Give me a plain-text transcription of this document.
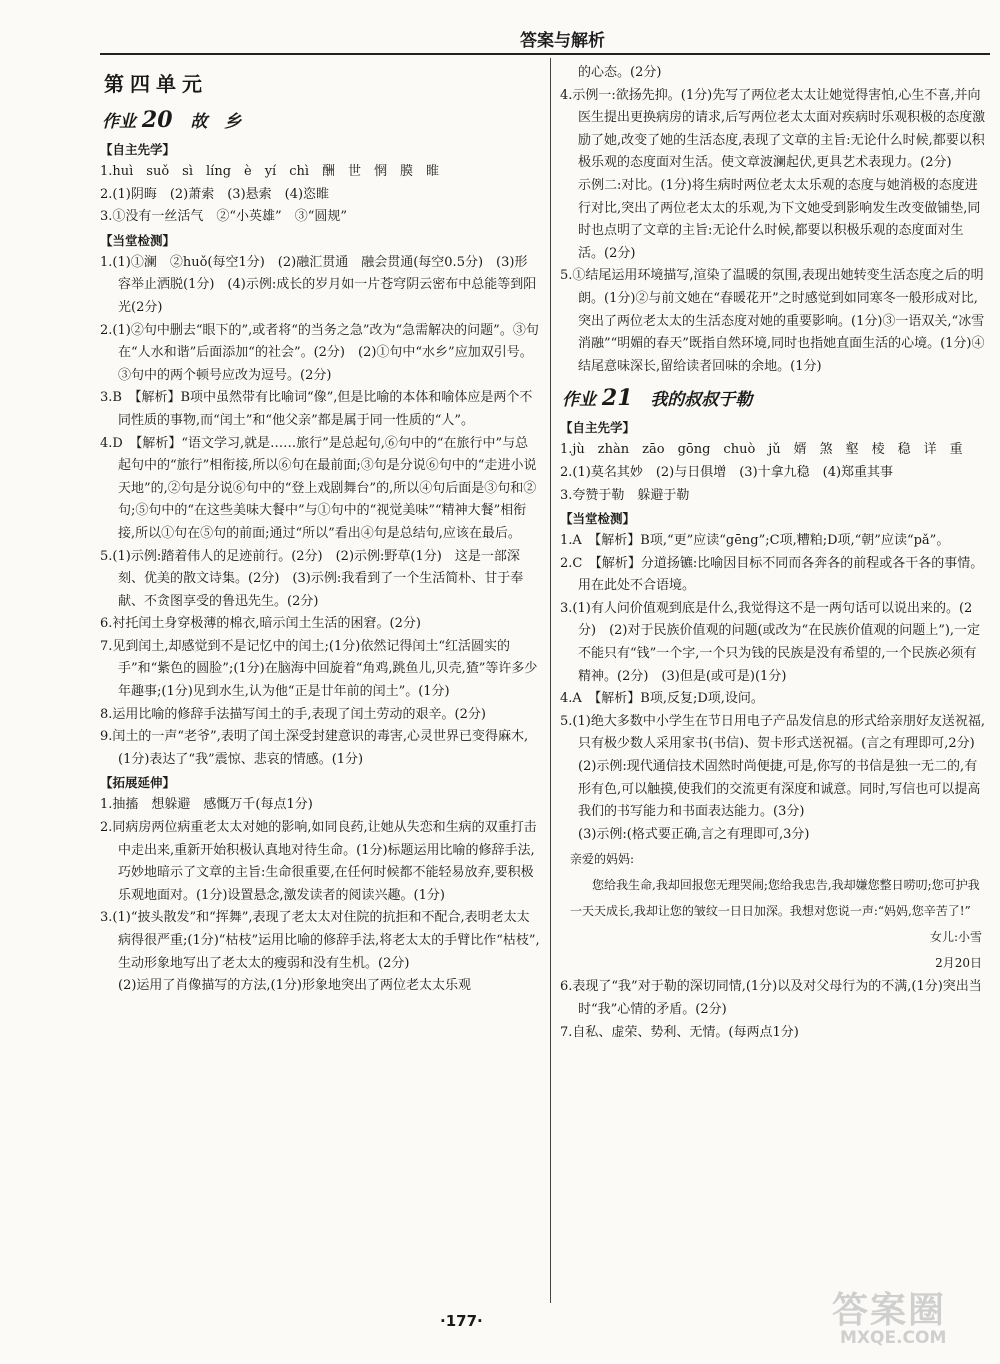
答案与解析
第四单元
作业 20 故　乡
【自主先学】

1.huì　suǒ　sì　líng　è　yí　chì　酬　世　惘　膜　睢

2.(1)阴晦　(2)萧索　(3)悬索　(4)恣睢

3.①没有一丝活气　②“小英雄”　③“圆规”

【当堂检测】

1.(1)①澜　②huǒ(每空1分)　(2)融汇贯通　融会贯通(每空0.5分)　(3)形容举止洒脱(1分)　(4)示例:成长的岁月如一片苍穹阴云密布中总能等到阳光(2分)

2.(1)②句中删去“眼下的”,或者将“的当务之急”改为“急需解决的问题”。③句在“人水和谐”后面添加“的社会”。(2分)　(2)①句中“水乡”应加双引号。③句中的两个顿号应改为逗号。(2分)

3.B　【解析】B项中虽然带有比喻词“像”,但是比喻的本体和喻体应是两个不同性质的事物,而“闰土”和“他父亲”都是属于同一性质的“人”。

4.D　【解析】“语文学习,就是……旅行”是总起句,⑥句中的“在旅行中”与总起句中的“旅行”相衔接,所以⑥句在最前面;③句是分说⑥句中的“走进小说天地”的,②句是分说⑥句中的“登上戏剧舞台”的,所以④句后面是③句和②句;⑤句中的“在这些美味大餐中”与①句中的“视觉美味”“精神大餐”相衔接,所以①句在⑤句的前面;通过“所以”看出④句是总结句,应该在最后。

5.(1)示例:踏着伟人的足迹前行。(2分)　(2)示例:野草(1分)　这是一部深刻、优美的散文诗集。(2分)　(3)示例:我看到了一个生活简朴、甘于奉献、不贪图享受的鲁迅先生。(2分)

6.衬托闰土身穿极薄的棉衣,暗示闰土生活的困窘。(2分)

7.见到闰土,却感觉到不是记忆中的闰土;(1分)依然记得闰土“红活圆实的手”和“紫色的圆脸”;(1分)在脑海中回旋着“角鸡,跳鱼儿,贝壳,猹”等许多少年趣事;(1分)见到水生,认为他“正是廿年前的闰土”。(1分)

8.运用比喻的修辞手法描写闰土的手,表现了闰土劳动的艰辛。(2分)

9.闰土的一声“老爷”,表明了闰土深受封建意识的毒害,心灵世界已变得麻木,(1分)表达了“我”震惊、悲哀的情感。(1分)

【拓展延伸】

1.抽搐　想躲避　感慨万千(每点1分)

2.同病房两位病重老太太对她的影响,如同良药,让她从失恋和生病的双重打击中走出来,重新开始积极认真地对待生命。(1分)标题运用比喻的修辞手法,巧妙地暗示了文章的主旨:生命很重要,在任何时候都不能轻易放弃,要积极乐观地面对。(1分)设置悬念,激发读者的阅读兴趣。(1分)

3.(1)“披头散发”和“挥舞”,表现了老太太对住院的抗拒和不配合,表明老太太病得很严重;(1分)“枯枝”运用比喻的修辞手法,将老太太的手臂比作“枯枝”,生动形象地写出了老太太的瘦弱和没有生机。(2分)

(2)运用了肖像描写的方法,(1分)形象地突出了两位老太太乐观

的心态。(2分)

4.示例一:欲扬先抑。(1分)先写了两位老太太让她觉得害怕,心生不喜,并向医生提出更换病房的请求,后写两位老太太面对疾病时乐观积极的态度激励了她,改变了她的生活态度,表现了文章的主旨:无论什么时候,都要以积极乐观的态度面对生活。使文章波澜起伏,更具艺术表现力。(2分)

示例二:对比。(1分)将生病时两位老太太乐观的态度与她消极的态度进行对比,突出了两位老太太的乐观,为下文她受到影响发生改变做铺垫,同时也点明了文章的主旨:无论什么时候,都要以积极乐观的态度面对生活。(2分)

5.①结尾运用环境描写,渲染了温暖的氛围,表现出她转变生活态度之后的明朗。(1分)②与前文她在“春暖花开”之时感觉到如同寒冬一般形成对比,突出了两位老太太的生活态度对她的重要影响。(1分)③一语双关,“冰雪消融”“明媚的春天”既指自然环境,同时也指她直面生活的心境。(1分)④结尾意味深长,留给读者回味的余地。(1分)

作业 21 我的叔叔于勒
【自主先学】

1.jù　zhàn　zāo　gōng　chuò　jǔ　婿　煞　壑　棱　稳　详　重

2.(1)莫名其妙　(2)与日俱增　(3)十拿九稳　(4)郑重其事

3.夸赞于勒　躲避于勒

【当堂检测】

1.A　【解析】B项,“更”应读“gēng”;C项,糟粕;D项,“朝”应读“pǎ”。

2.C　【解析】分道扬镳:比喻因目标不同而各奔各的前程或各干各的事情。用在此处不合语境。

3.(1)有人问价值观到底是什么,我觉得这不是一两句话可以说出来的。(2分)　(2)对于民族价值观的问题(或改为“在民族价值观的问题上”),一定不能只有“钱”一个字,一个只为钱的民族是没有希望的,一个民族必须有精神。(2分)　(3)但是(或可是)(1分)

4.A　【解析】B项,反复;D项,设问。

5.(1)绝大多数中小学生在节日用电子产品发信息的形式给亲朋好友送祝福,只有极少数人采用家书(书信)、贺卡形式送祝福。(言之有理即可,2分)

(2)示例:现代通信技术固然时尚便捷,可是,你写的书信是独一无二的,有形有色,可以触摸,使我们的交流更有深度和诚意。同时,写信也可以提高我们的书写能力和书面表达能力。(3分)

(3)示例:(格式要正确,言之有理即可,3分)

亲爱的妈妈:

您给我生命,我却回报您无理哭闹;您给我忠告,我却嫌您整日唠叨;您可护我一天天成长,我却让您的皱纹一日日加深。我想对您说一声:“妈妈,您辛苦了!”

女儿:小雪

2月20日

6.表现了“我”对于勒的深切同情,(1分)以及对父母行为的不满,(1分)突出当时“我”心情的矛盾。(2分)

7.自私、虚荣、势利、无情。(每两点1分)

·177·	答案圈
MXQE.COM
